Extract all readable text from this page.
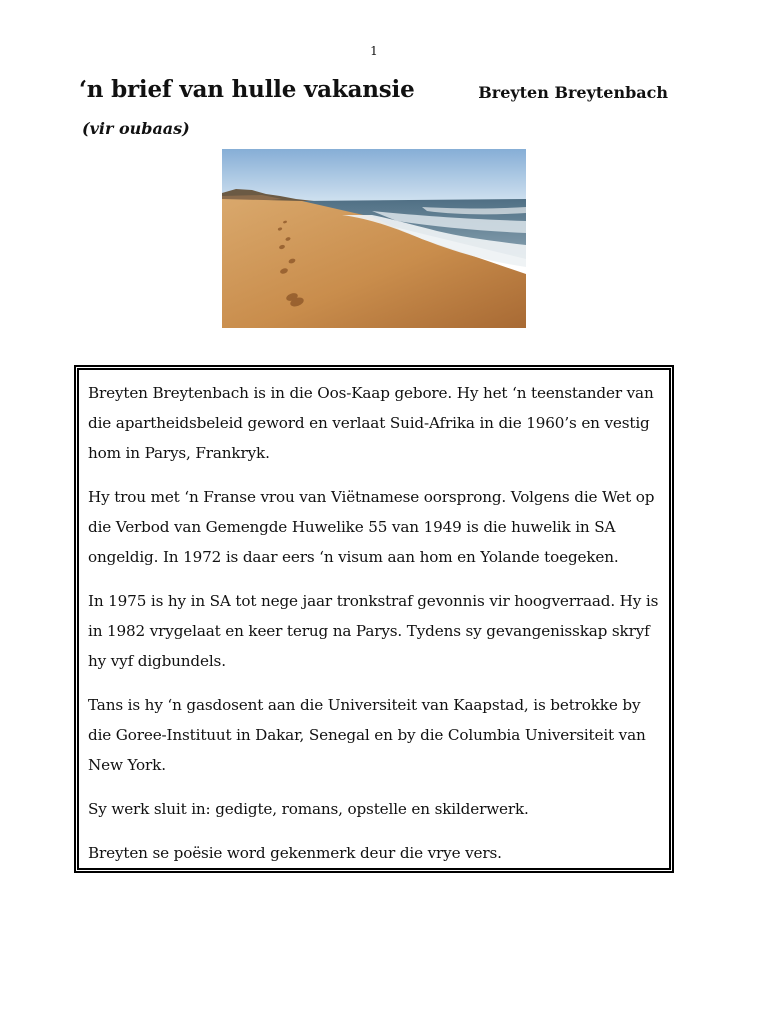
1
‘n brief van hulle vakansie	Breyten Breytenbach
(vir oubaas)

Breyten Breytenbach is in die Oos-Kaap gebore. Hy het ‘n teenstander van die apartheidsbeleid geword en verlaat Suid-Afrika in die 1960’s en vestig hom in Parys, Frankryk.

Hy trou met ‘n Franse vrou van Viëtnamese oorsprong. Volgens die Wet op die Verbod van Gemengde Huwelike 55 van 1949 is die huwelik in SA ongeldig. In 1972 is daar eers ‘n visum aan hom en Yolande toegeken.

In 1975 is hy in SA tot nege jaar tronkstraf gevonnis vir hoogverraad. Hy is in 1982 vrygelaat en keer terug na Parys. Tydens sy gevangenisskap skryf hy vyf digbundels.

Tans is hy ‘n gasdosent aan die Universiteit van Kaapstad, is betrokke by die Goree-Instituut in Dakar, Senegal en by die Columbia Universiteit van New York.

Sy werk sluit in: gedigte, romans, opstelle en skilderwerk.

Breyten se poësie word gekenmerk deur die vrye vers.
